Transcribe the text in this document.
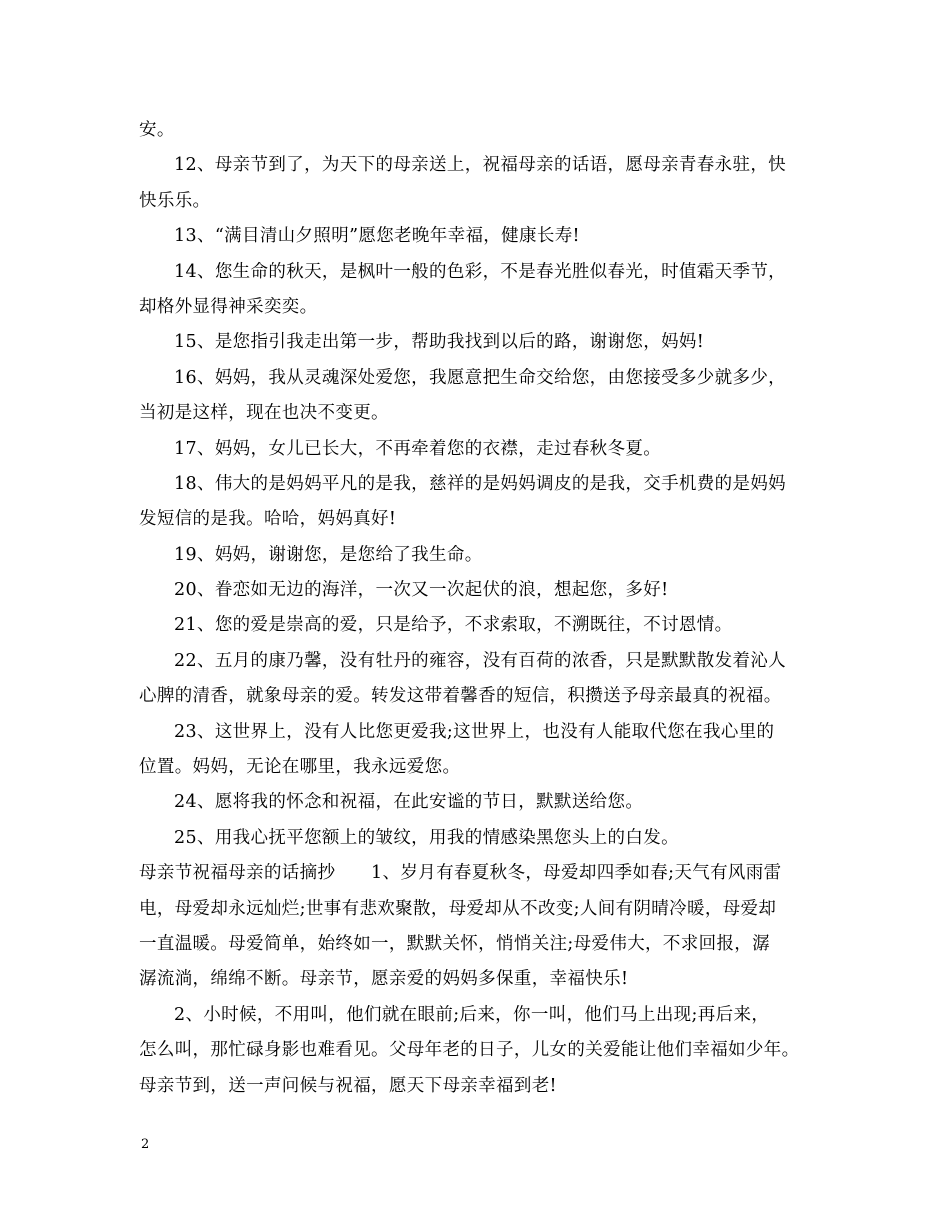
安。
12、母亲节到了，为天下的母亲送上，祝福母亲的话语，愿母亲青春永驻，快
快乐乐。
13、“满目清山夕照明”愿您老晚年幸福，健康长寿!
14、您生命的秋天，是枫叶一般的色彩，不是春光胜似春光，时值霜天季节，
却格外显得神采奕奕。
15、是您指引我走出第一步，帮助我找到以后的路，谢谢您，妈妈!
16、妈妈，我从灵魂深处爱您，我愿意把生命交给您，由您接受多少就多少，
当初是这样，现在也决不变更。
17、妈妈，女儿已长大，不再牵着您的衣襟，走过春秋冬夏。
18、伟大的是妈妈平凡的是我，慈祥的是妈妈调皮的是我，交手机费的是妈妈
发短信的是我。哈哈，妈妈真好!
19、妈妈，谢谢您，是您给了我生命。
20、眷恋如无边的海洋，一次又一次起伏的浪，想起您，多好!
21、您的爱是崇高的爱，只是给予，不求索取，不溯既往，不讨恩情。
22、五月的康乃馨，没有牡丹的雍容，没有百荷的浓香，只是默默散发着沁人
心脾的清香，就象母亲的爱。转发这带着馨香的短信，积攒送予母亲最真的祝福。
23、这世界上，没有人比您更爱我;这世界上，也没有人能取代您在我心里的
位置。妈妈，无论在哪里，我永远爱您。
24、愿将我的怀念和祝福，在此安谧的节日，默默送给您。
25、用我心抚平您额上的皱纹，用我的情感染黑您头上的白发。
母亲节祝福母亲的话摘抄　　1、岁月有春夏秋冬，母爱却四季如春;天气有风雨雷
电，母爱却永远灿烂;世事有悲欢聚散，母爱却从不改变;人间有阴晴冷暖，母爱却
一直温暖。母爱简单，始终如一，默默关怀，悄悄关注;母爱伟大，不求回报，潺
潺流淌，绵绵不断。母亲节，愿亲爱的妈妈多保重，幸福快乐!
2、小时候，不用叫，他们就在眼前;后来，你一叫，他们马上出现;再后来，
怎么叫，那忙碌身影也难看见。父母年老的日子，儿女的关爱能让他们幸福如少年。
母亲节到，送一声问候与祝福，愿天下母亲幸福到老!
2
